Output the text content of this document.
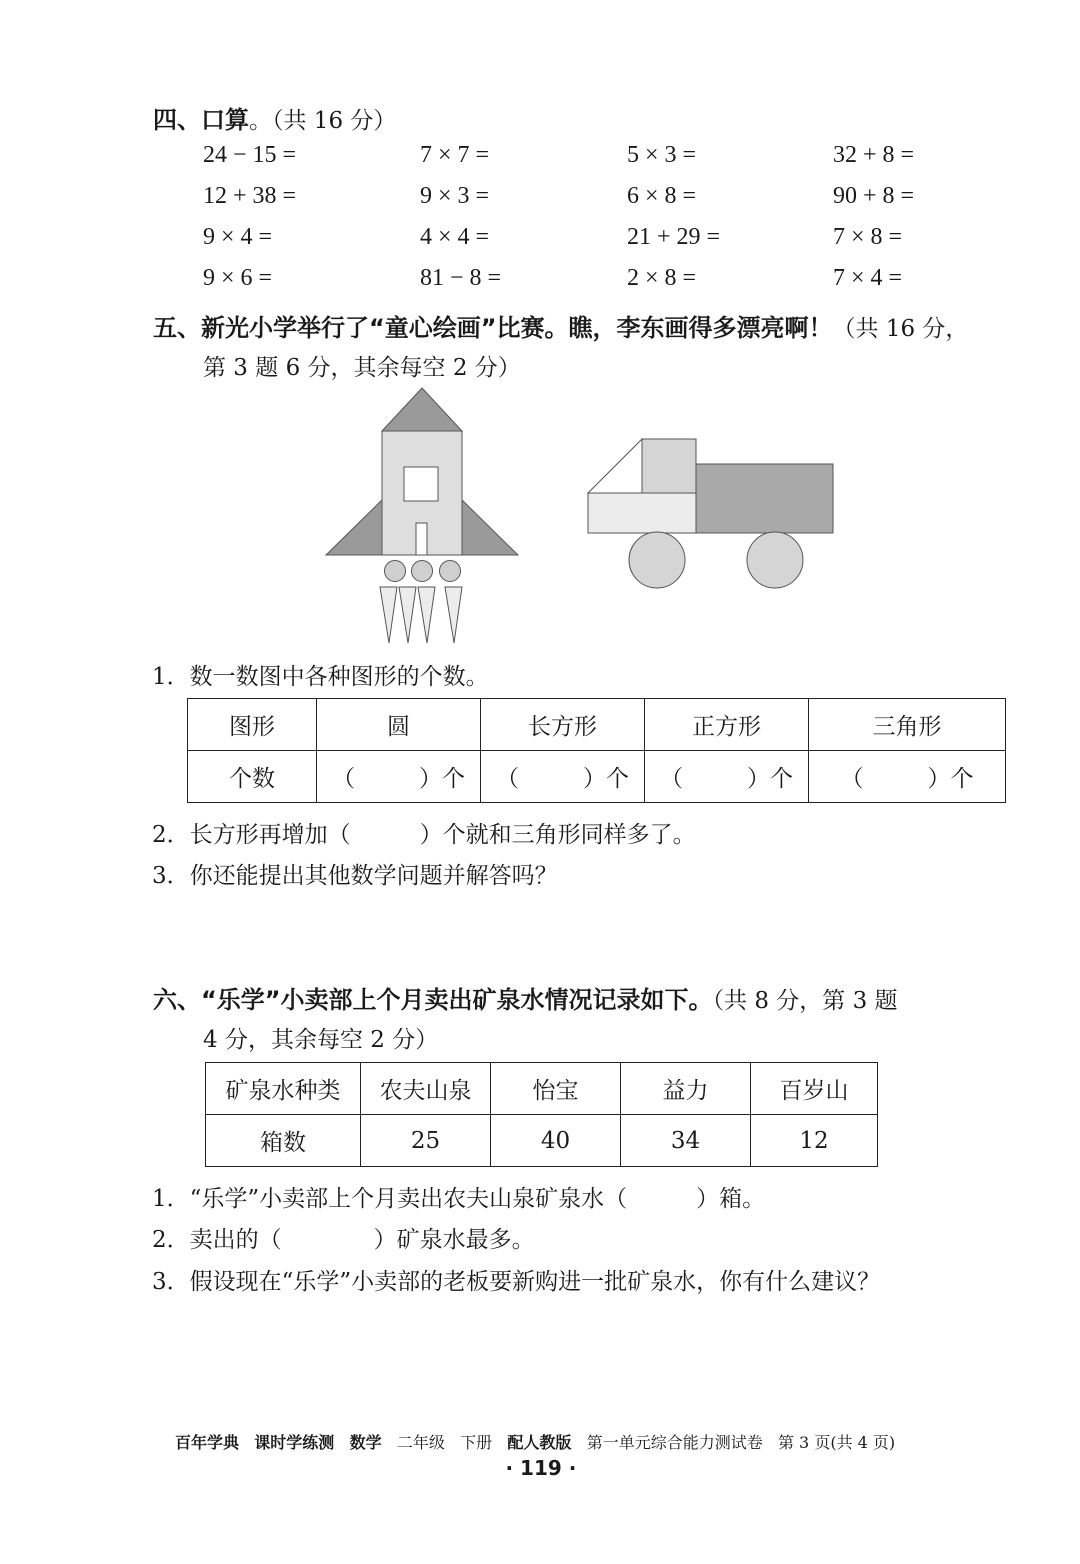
四、口算。（共 16 分）
24 − 15 =	7 × 7 =	5 × 3 =	32 + 8 =
12 + 38 =	9 × 3 =	6 × 8 =	90 + 8 =
9 × 4 =	4 × 4 =	21 + 29 =	7 × 8 =
9 × 6 =	81 − 8 =	2 × 8 =	7 × 4 =
五、新光小学举行了“童心绘画”比赛。瞧，李东画得多漂亮啊！（共 16 分，
第 3 题 6 分，其余每空 2 分）
1．数一数图中各种图形的个数。
图形	圆	长方形	正方形	三角形
个数	（ ）个	（ ）个	（ ）个	（ ）个
2．长方形再增加（　　　）个就和三角形同样多了。
3．你还能提出其他数学问题并解答吗？
六、“乐学”小卖部上个月卖出矿泉水情况记录如下。（共 8 分，第 3 题
4 分，其余每空 2 分）
矿泉水种类	农夫山泉	怡宝	益力	百岁山
箱数	25	40	34	12
1．“乐学”小卖部上个月卖出农夫山泉矿泉水（　　　）箱。
2．卖出的（　　　　）矿泉水最多。
3．假设现在“乐学”小卖部的老板要新购进一批矿泉水，你有什么建议？
百年学典 课时学练测 数学 二年级 下册 配人教版 第一单元综合能力测试卷 第 3 页(共 4 页)
· 119 ·
